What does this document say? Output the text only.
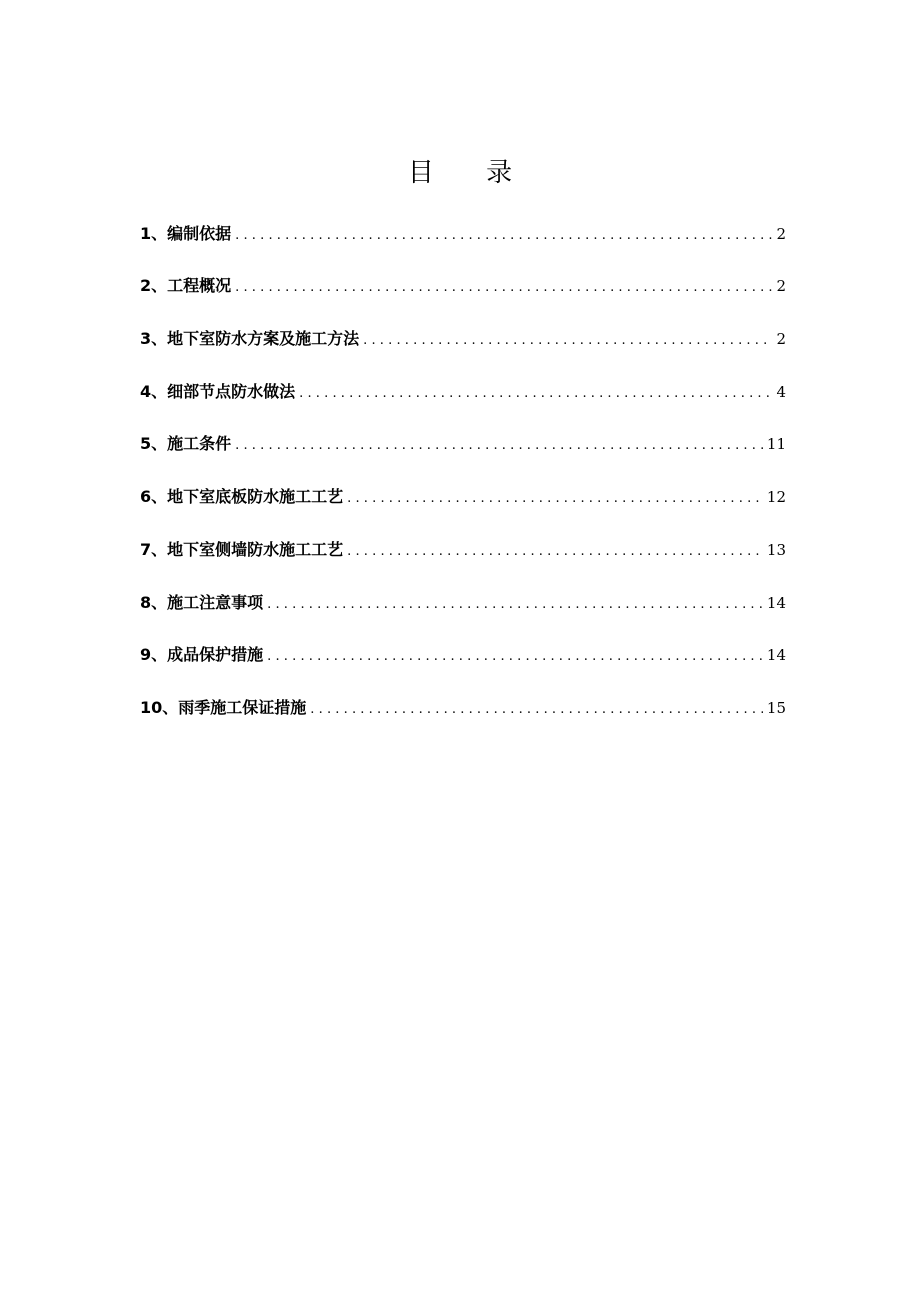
目 录
1、编制依据 .....	2
2、工程概况 .....	2
3、地下室防水方案及施工方法 .....	2
4、细部节点防水做法 .....	4
5、施工条件 .....	11
6、地下室底板防水施工工艺 .....	12
7、地下室侧墙防水施工工艺 .....	13
8、施工注意事项 .....	14
9、成品保护措施 .....	14
10、雨季施工保证措施 .....	15
